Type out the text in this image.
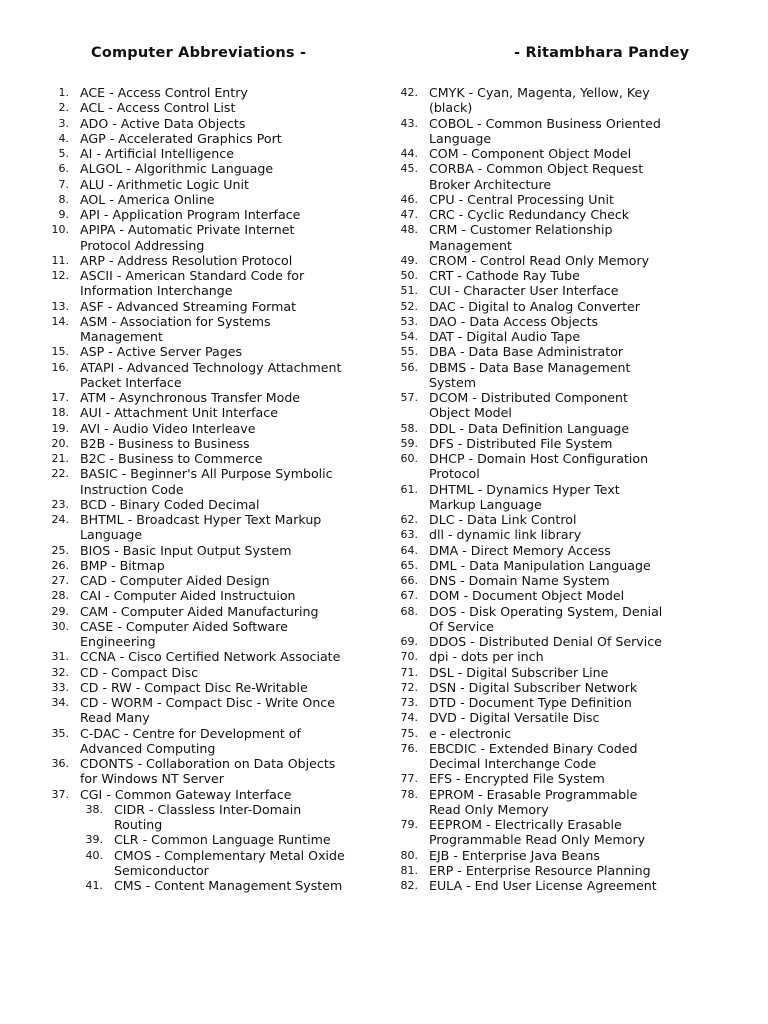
Computer Abbreviations -	- Ritambhara Pandey
1. ACE - Access Control Entry
2. ACL - Access Control List
3. ADO - Active Data Objects
4. AGP - Accelerated Graphics Port
5. AI - Artificial Intelligence
6. ALGOL - Algorithmic Language
7. ALU - Arithmetic Logic Unit
8. AOL - America Online
9. API - Application Program Interface
10. APIPA - Automatic Private Internet
Protocol Addressing
11. ARP - Address Resolution Protocol
12. ASCII - American Standard Code for
Information Interchange
13. ASF - Advanced Streaming Format
14. ASM - Association for Systems
Management
15. ASP - Active Server Pages
16. ATAPI - Advanced Technology Attachment
Packet Interface
17. ATM - Asynchronous Transfer Mode
18. AUI - Attachment Unit Interface
19. AVI - Audio Video Interleave
20. B2B - Business to Business
21. B2C - Business to Commerce
22. BASIC - Beginner's All Purpose Symbolic
Instruction Code
23. BCD - Binary Coded Decimal
24. BHTML - Broadcast Hyper Text Markup
Language
25. BIOS - Basic Input Output System
26. BMP - Bitmap
27. CAD - Computer Aided Design
28. CAI - Computer Aided Instructuion
29. CAM - Computer Aided Manufacturing
30. CASE - Computer Aided Software
Engineering
31. CCNA - Cisco Certified Network Associate
32. CD - Compact Disc
33. CD - RW - Compact Disc Re-Writable
34. CD - WORM - Compact Disc - Write Once
Read Many
35. C-DAC - Centre for Development of
Advanced Computing
36. CDONTS - Collaboration on Data Objects
for Windows NT Server
37. CGI - Common Gateway Interface
38. CIDR - Classless Inter-Domain
Routing
39. CLR - Common Language Runtime
40. CMOS - Complementary Metal Oxide
Semiconductor
41. CMS - Content Management System
42. CMYK - Cyan, Magenta, Yellow, Key
(black)
43. COBOL - Common Business Oriented
Language
44. COM - Component Object Model
45. CORBA - Common Object Request
Broker Architecture
46. CPU - Central Processing Unit
47. CRC - Cyclic Redundancy Check
48. CRM - Customer Relationship
Management
49. CROM - Control Read Only Memory
50. CRT - Cathode Ray Tube
51. CUI - Character User Interface
52. DAC - Digital to Analog Converter
53. DAO - Data Access Objects
54. DAT - Digital Audio Tape
55. DBA - Data Base Administrator
56. DBMS - Data Base Management
System
57. DCOM - Distributed Component
Object Model
58. DDL - Data Definition Language
59. DFS - Distributed File System
60. DHCP - Domain Host Configuration
Protocol
61. DHTML - Dynamics Hyper Text
Markup Language
62. DLC - Data Link Control
63. dll - dynamic link library
64. DMA - Direct Memory Access
65. DML - Data Manipulation Language
66. DNS - Domain Name System
67. DOM - Document Object Model
68. DOS - Disk Operating System, Denial
Of Service
69. DDOS - Distributed Denial Of Service
70. dpi - dots per inch
71. DSL - Digital Subscriber Line
72. DSN - Digital Subscriber Network
73. DTD - Document Type Definition
74. DVD - Digital Versatile Disc
75. e - electronic
76. EBCDIC - Extended Binary Coded
Decimal Interchange Code
77. EFS - Encrypted File System
78. EPROM - Erasable Programmable
Read Only Memory
79. EEPROM - Electrically Erasable
Programmable Read Only Memory
80. EJB - Enterprise Java Beans
81. ERP - Enterprise Resource Planning
82. EULA - End User License Agreement
